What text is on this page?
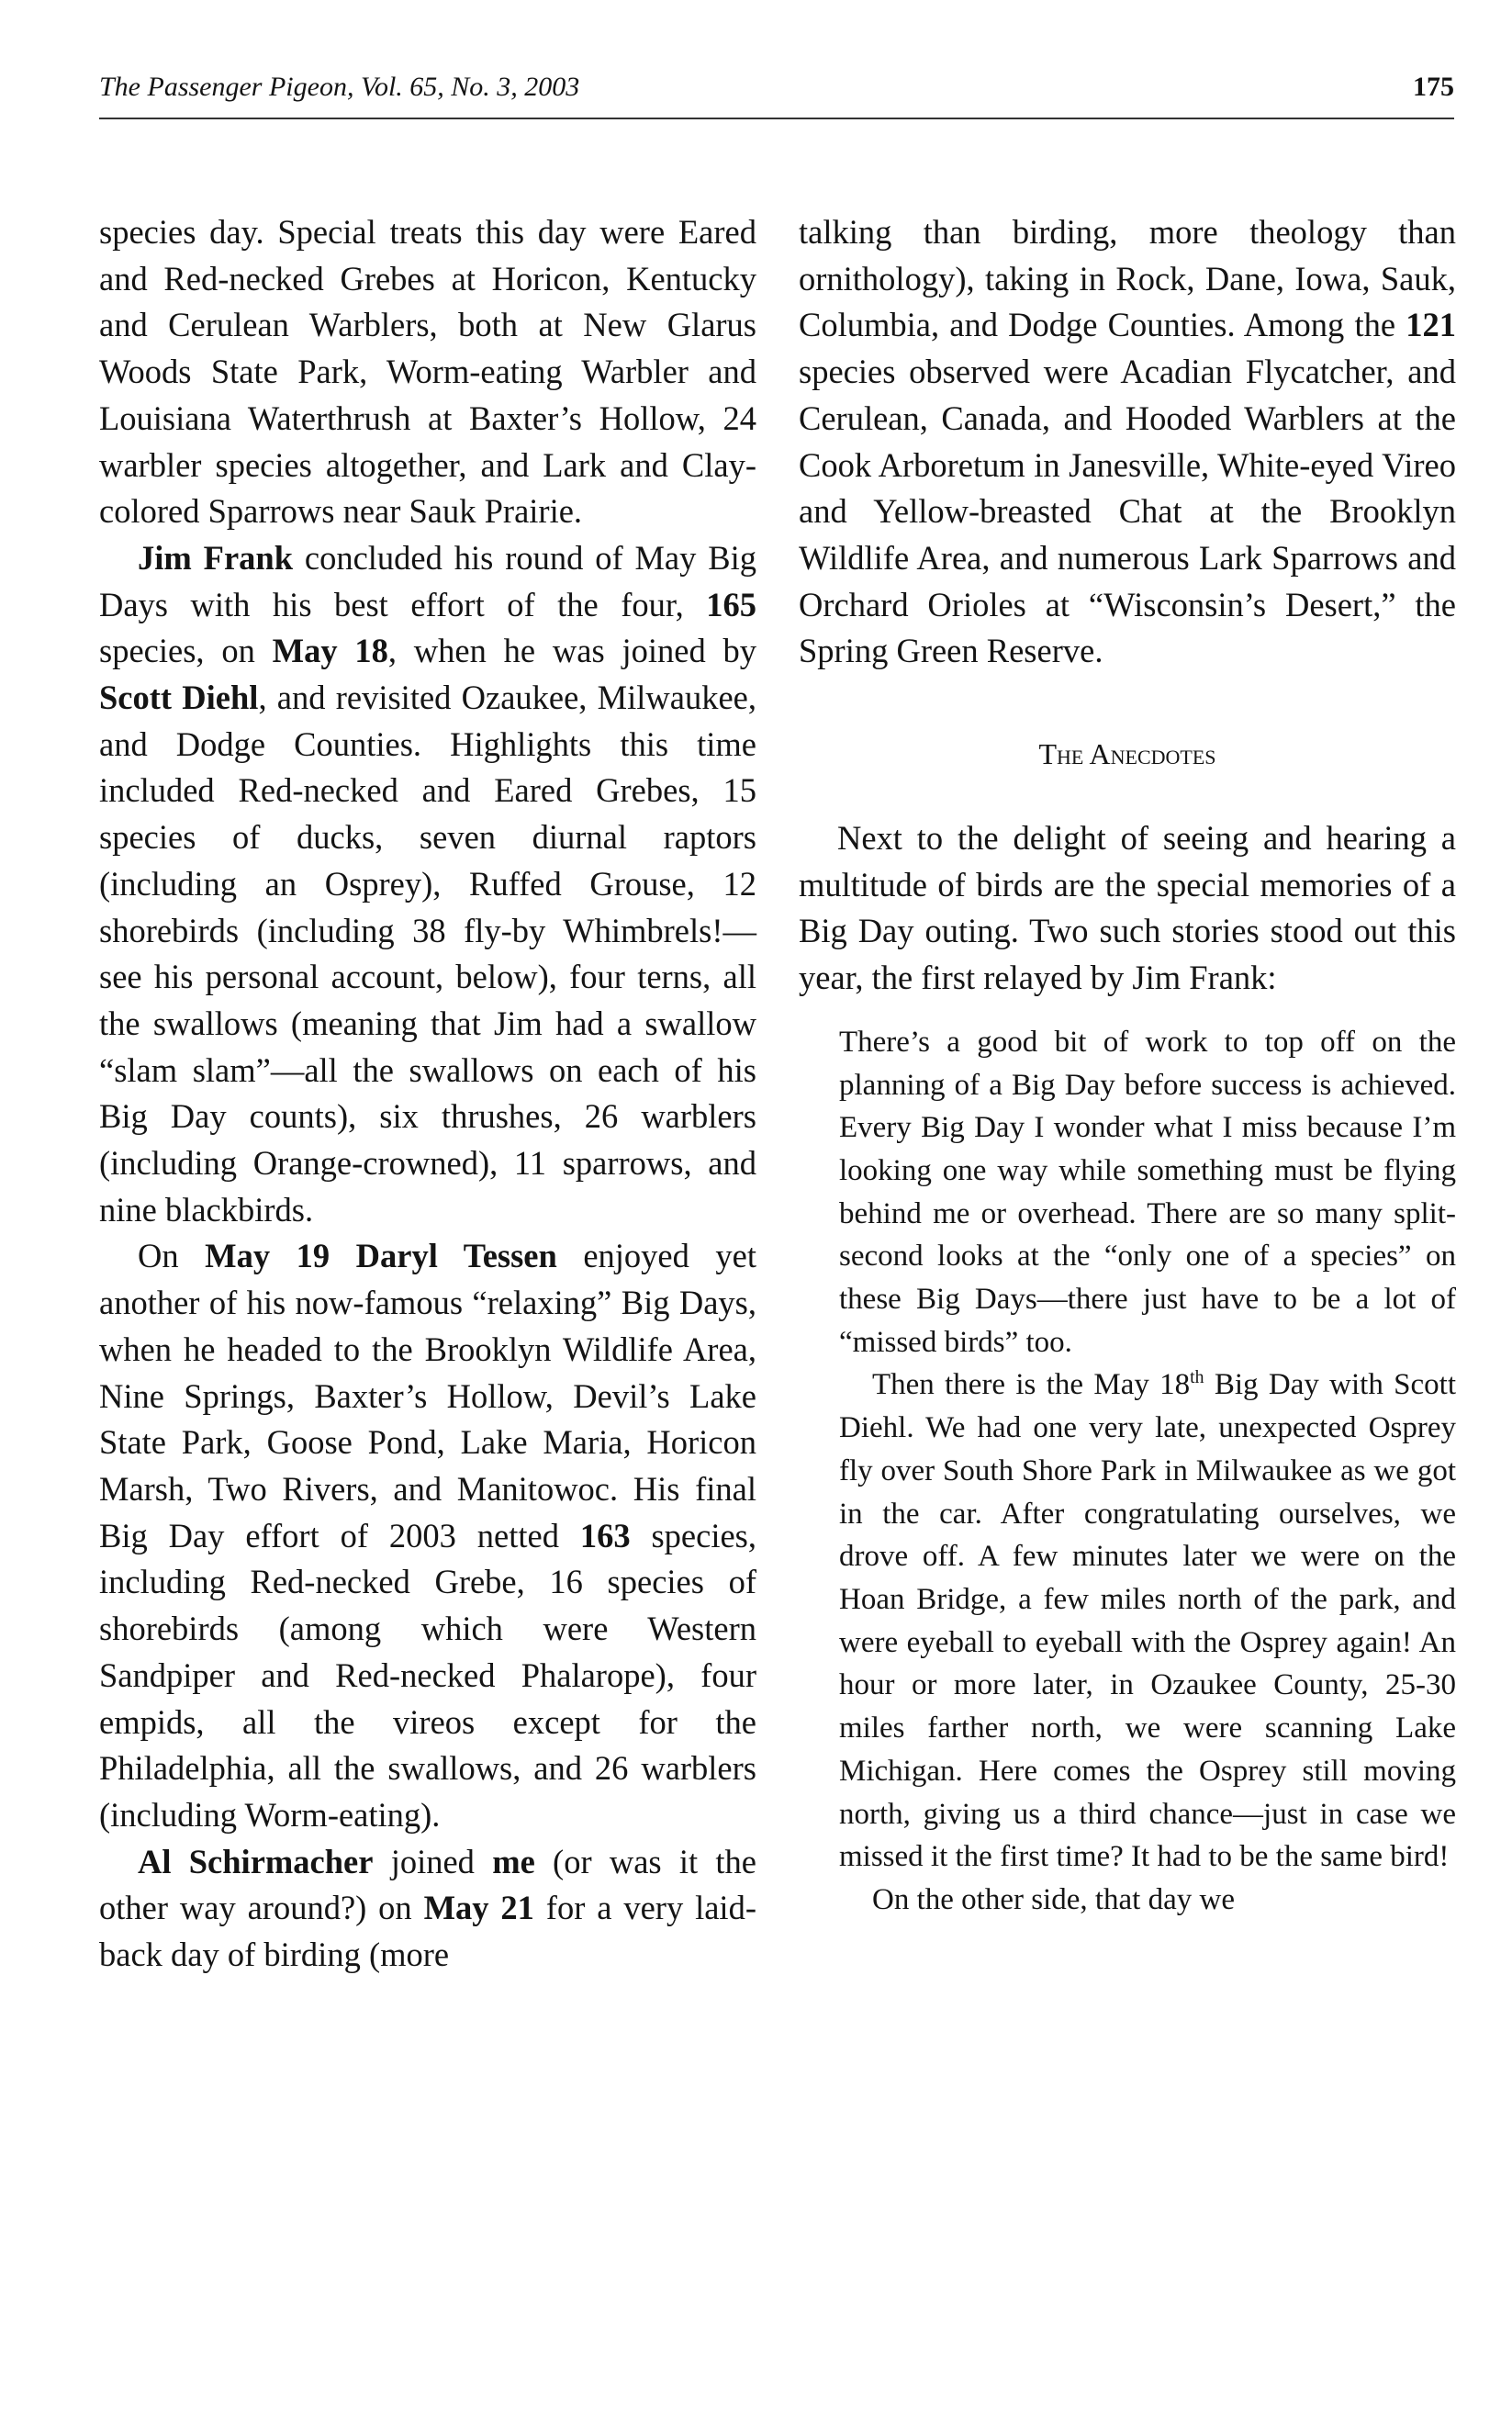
The Passenger Pigeon, Vol. 65, No. 3, 2003	175

species day. Special treats this day were Eared and Red-necked Grebes at Horicon, Kentucky and Cerulean Warblers, both at New Glarus Woods State Park, Worm-eating Warbler and Louisiana Waterthrush at Baxter’s Hollow, 24 warbler species altogether, and Lark and Clay-colored Sparrows near Sauk Prairie.

Jim Frank concluded his round of May Big Days with his best effort of the four, 165 species, on May 18, when he was joined by Scott Diehl, and revisited Ozaukee, Milwaukee, and Dodge Counties. Highlights this time included Red-necked and Eared Grebes, 15 species of ducks, seven diurnal raptors (including an Osprey), Ruffed Grouse, 12 shorebirds (including 38 fly-by Whimbrels!—see his personal account, below), four terns, all the swallows (meaning that Jim had a swallow “slam slam”—all the swallows on each of his Big Day counts), six thrushes, 26 warblers (including Orange-crowned), 11 sparrows, and nine blackbirds.

On May 19 Daryl Tessen enjoyed yet another of his now-famous “relaxing” Big Days, when he headed to the Brooklyn Wildlife Area, Nine Springs, Baxter’s Hollow, Devil’s Lake State Park, Goose Pond, Lake Maria, Horicon Marsh, Two Rivers, and Manitowoc. His final Big Day effort of 2003 netted 163 species, including Red-necked Grebe, 16 species of shorebirds (among which were Western Sandpiper and Red-necked Phalarope), four empids, all the vireos except for the Philadelphia, all the swallows, and 26 warblers (including Worm-eating).

Al Schirmacher joined me (or was it the other way around?) on May 21 for a very laid-back day of birding (more

talking than birding, more theology than ornithology), taking in Rock, Dane, Iowa, Sauk, Columbia, and Dodge Counties. Among the 121 species observed were Acadian Flycatcher, and Cerulean, Canada, and Hooded Warblers at the Cook Arboretum in Janesville, White-eyed Vireo and Yellow-breasted Chat at the Brooklyn Wildlife Area, and numerous Lark Sparrows and Orchard Orioles at “Wisconsin’s Desert,” the Spring Green Reserve.

The Anecdotes

Next to the delight of seeing and hearing a multitude of birds are the special memories of a Big Day outing. Two such stories stood out this year, the first relayed by Jim Frank:

There’s a good bit of work to top off on the planning of a Big Day before success is achieved. Every Big Day I wonder what I miss because I’m looking one way while something must be flying behind me or overhead. There are so many split-second looks at the “only one of a species” on these Big Days—there just have to be a lot of “missed birds” too.

Then there is the May 18th Big Day with Scott Diehl. We had one very late, unexpected Osprey fly over South Shore Park in Milwaukee as we got in the car. After congratulating ourselves, we drove off. A few minutes later we were on the Hoan Bridge, a few miles north of the park, and were eyeball to eyeball with the Osprey again! An hour or more later, in Ozaukee County, 25-30 miles farther north, we were scanning Lake Michigan. Here comes the Osprey still moving north, giving us a third chance—just in case we missed it the first time? It had to be the same bird!

On the other side, that day we
